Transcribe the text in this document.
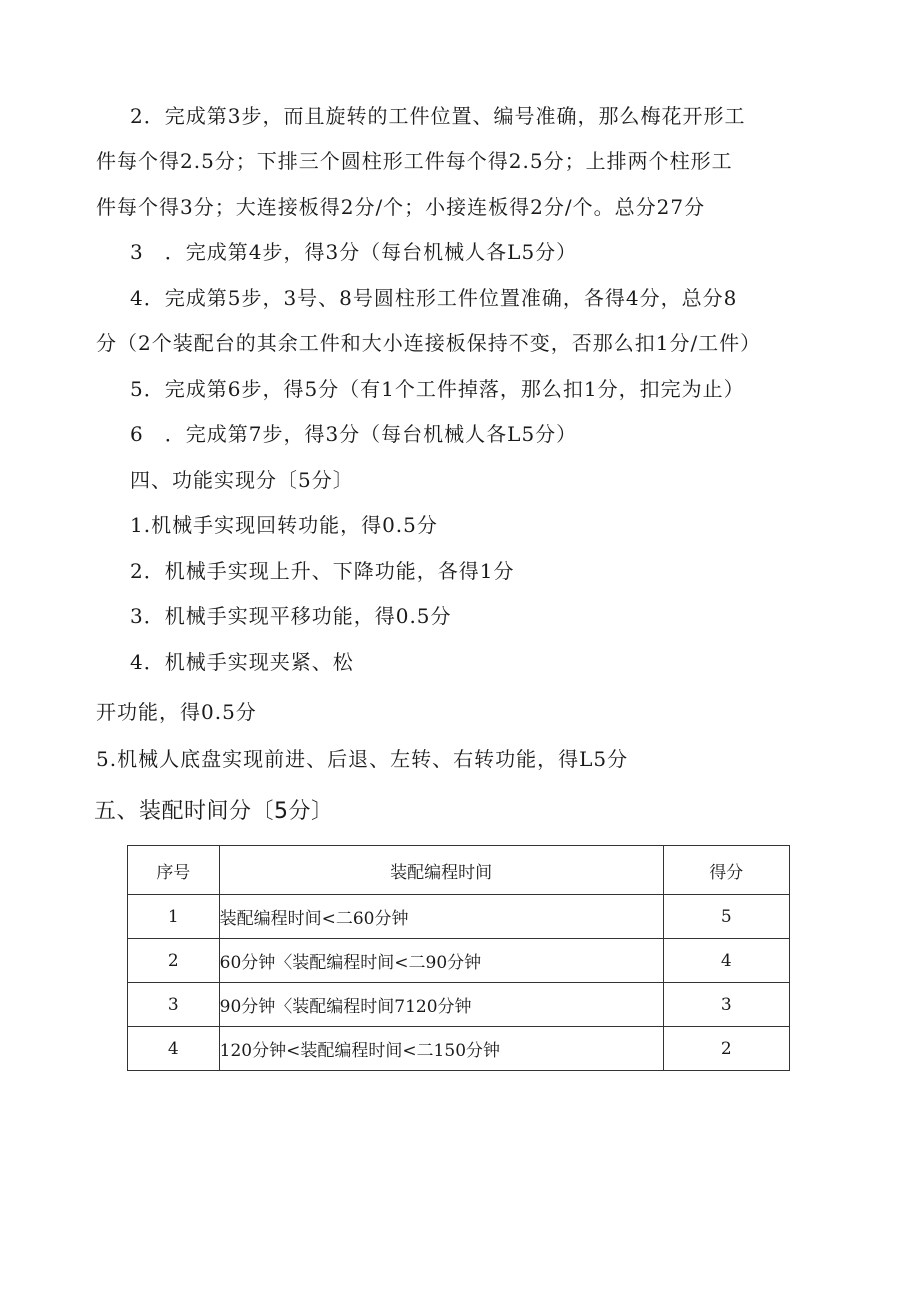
2．完成第3步，而且旋转的工件位置、编号准确，那么梅花开形工
件每个得2.5分；下排三个圆柱形工件每个得2.5分；上排两个柱形工
件每个得3分；大连接板得2分/个；小接连板得2分/个。总分27分
3　．完成第4步，得3分（每台机械人各L5分）
4．完成第5步，3号、8号圆柱形工件位置准确，各得4分，总分8
分（2个装配台的其余工件和大小连接板保持不变，否那么扣1分/工件）
5．完成第6步，得5分（有1个工件掉落，那么扣1分，扣完为止）
6　．完成第7步，得3分（每台机械人各L5分）
四、功能实现分〔5分〕
1.机械手实现回转功能，得0.5分
2．机械手实现上升、下降功能，各得1分
3．机械手实现平移功能，得0.5分
4．机械手实现夹紧、松
开功能，得0.5分
5.机械人底盘实现前进、后退、左转、右转功能，得L5分
五、装配时间分〔5分〕
序号	装配编程时间	得分
1	装配编程时间<二60分钟	5
2	60分钟〈装配编程时间<二90分钟	4
3	90分钟〈装配编程时间7120分钟	3
4	120分钟<装配编程时间<二150分钟	2
